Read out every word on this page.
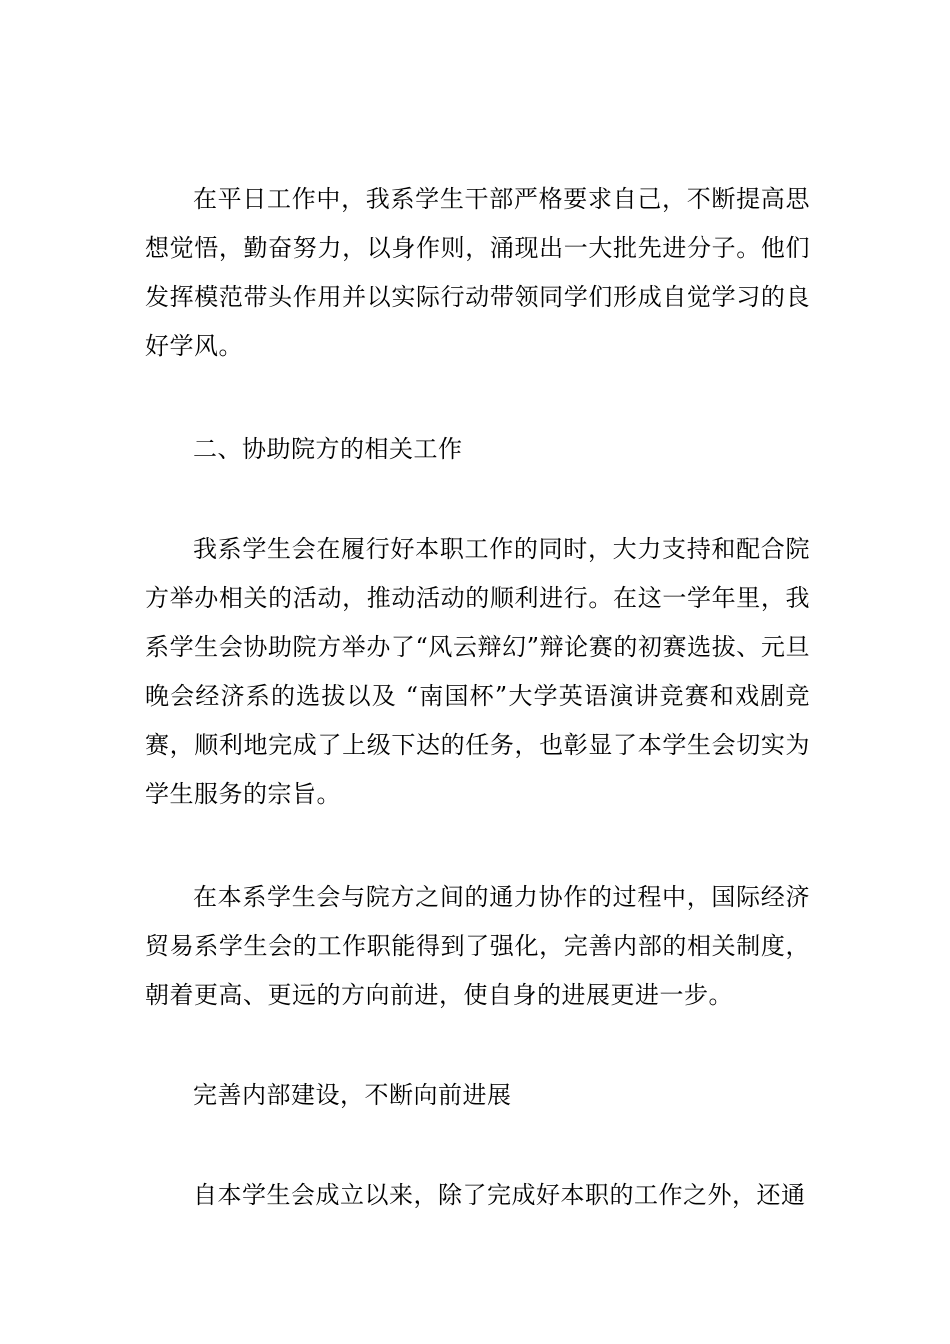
在平日工作中，我系学生干部严格要求自己，不断提高思想觉悟，勤奋努力，以身作则，涌现出一大批先进分子。他们发挥模范带头作用并以实际行动带领同学们形成自觉学习的良好学风。

二、协助院方的相关工作

我系学生会在履行好本职工作的同时，大力支持和配合院方举办相关的活动，推动活动的顺利进行。在这一学年里，我系学生会协助院方举办了“风云辩幻”辩论赛的初赛选拔、元旦晚会经济系的选拔以及 “南国杯”大学英语演讲竞赛和戏剧竞赛，顺利地完成了上级下达的任务，也彰显了本学生会切实为学生服务的宗旨。

在本系学生会与院方之间的通力协作的过程中，国际经济贸易系学生会的工作职能得到了强化，完善内部的相关制度，朝着更高、更远的方向前进，使自身的进展更进一步。

完善内部建设，不断向前进展

自本学生会成立以来，除了完成好本职的工作之外，还通
